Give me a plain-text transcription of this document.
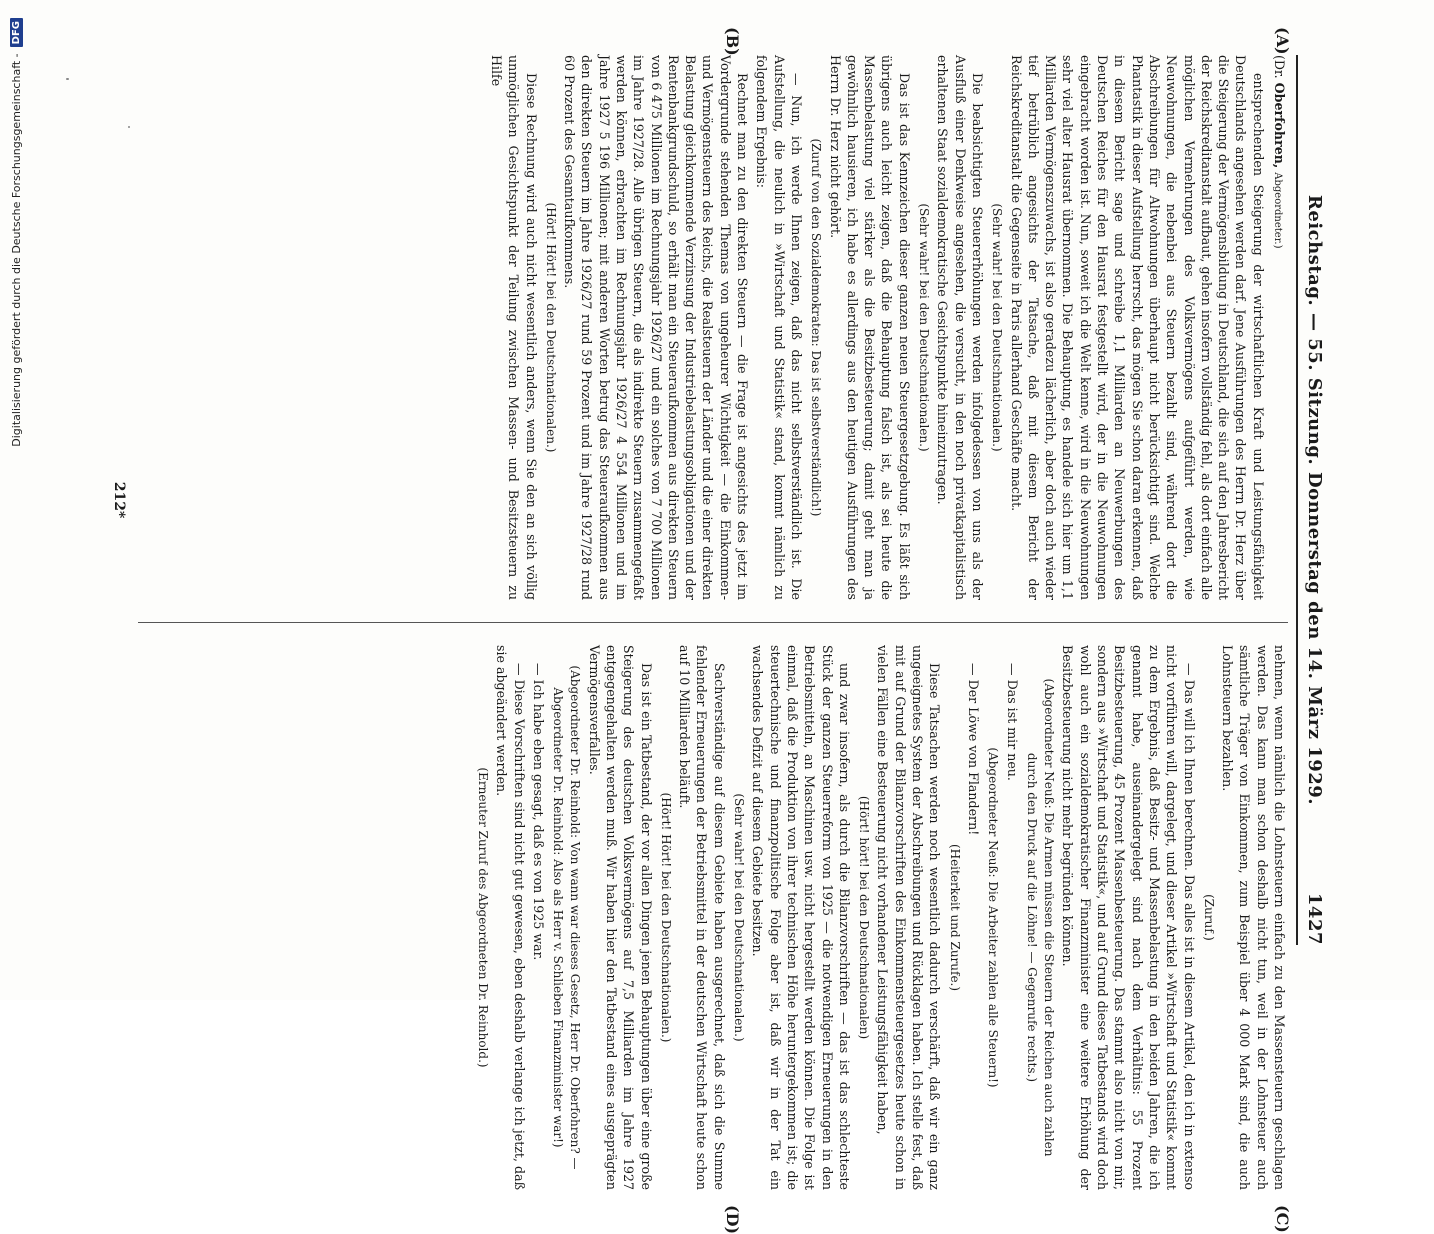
Reichstag. — 55. Sitzung. Donnerstag den 14. März 1929.
1427
(A)
(B)
(C)
(D)

(Dr. Oberfohren, Abgeordneter.)

entsprechenden Steigerung der wirtschaftlichen Kraft und Leistungsfähigkeit Deutschlands angesehen werden darf. Jene Ausführungen des Herrn Dr. Herz über die Steigerung der Vermögensbildung in Deutschland, die sich auf den Jahresbericht der Reichskreditanstalt aufbaut, gehen insofern vollständig fehl, als dort einfach alle möglichen Vermehrungen des Volksvermögens aufgeführt werden, wie Neuwohnungen, die nebenbei aus Steuern bezahlt sind, während dort die Abschreibungen für Altwohnungen überhaupt nicht berücksichtigt sind. Welche Phantastik in dieser Aufstellung herrscht, das mögen Sie schon daran erkennen, daß in diesem Bericht sage und schreibe 1,1 Milliarden an Neuwerbungen des Deutschen Reiches für den Hausrat festgestellt wird, der in die Neuwohnungen eingebracht worden ist. Nun, soweit ich die Welt kenne, wird in die Neuwohnungen sehr viel alter Hausrat übernommen. Die Behauptung, es handele sich hier um 1,1 Milliarden Vermögenszuwachs, ist also geradezu lächerlich, aber doch auch wieder tief betrüblich angesichts der Tatsache, daß mit diesem Bericht der Reichskreditanstalt die Gegenseite in Paris allerhand Geschäfte macht.

(Sehr wahr! bei den Deutschnationalen.)

Die beabsichtigten Steuererhöhungen werden infolgedessen von uns als der Ausfluß einer Denkweise angesehen, die versucht, in den noch privatkapitalistisch erhaltenen Staat sozialdemokratische Gesichtspunkte hineinzutragen.

(Sehr wahr! bei den Deutschnationalen.)

Das ist das Kennzeichen dieser ganzen neuen Steuergesetzgebung. Es läßt sich übrigens auch leicht zeigen, daß die Behauptung falsch ist, als sei heute die Massenbelastung viel stärker als die Besitzbesteuerung; damit geht man ja gewöhnlich hausieren, ich habe es allerdings aus den heutigen Ausführungen des Herrn Dr. Herz nicht gehört.

(Zuruf von den Sozialdemokraten: Das ist selbstverständlich!)

— Nun, ich werde Ihnen zeigen, daß das nicht selbstverständlich ist. Die Aufstellung, die neulich in »Wirtschaft und Statistik« stand, kommt nämlich zu folgendem Ergebnis:

Rechnet man zu den direkten Steuern — die Frage ist angesichts des jetzt im Vordergrunde stehenden Themas von ungeheurer Wichtigkeit — die Einkommen- und Vermögensteuern des Reichs, die Realsteuern der Länder und die einer direkten Belastung gleichkommende Verzinsung der Industriebelastungsobligationen und der Rentenbankgrundschuld, so erhält man ein Steueraufkommen aus direkten Steuern von 6 475 Millionen im Rechnungsjahr 1926/27 und ein solches von 7 700 Millionen im Jahre 1927/28. Alle übrigen Steuern, die als indirekte Steuern zusammengefaßt werden können, erbrachten im Rechnungsjahr 1926/27 4 554 Millionen und im Jahre 1927 5 196 Millionen; mit anderen Worten betrug das Steueraufkommen aus den direkten Steuern im Jahre 1926/27 rund 59 Prozent und im Jahre 1927/28 rund 60 Prozent des Gesamtaufkommens.

(Hört! Hört! bei den Deutschnationalen.)

Diese Rechnung wird auch nicht wesentlich anders, wenn Sie den an sich völlig unmöglichen Gesichtspunkt der Teilung zwischen Massen- und Besitzsteuern zu Hilfe

nehmen, wenn nämlich die Lohnsteuern einfach zu den Massensteuern geschlagen werden. Das kann man schon deshalb nicht tun, weil in der Lohnsteuer auch sämtliche Träger von Einkommen, zum Beispiel über 4 000 Mark sind, die auch Lohnsteuern bezahlen.

(Zuruf.)

— Das will ich Ihnen berechnen. Das alles ist in diesem Artikel, den ich in extenso nicht vorführen will, dargelegt, und dieser Artikel »Wirtschaft und Statistik« kommt zu dem Ergebnis, daß Besitz- und Massenbelastung in den beiden Jahren, die ich genannt habe, auseinandergelegt sind nach dem Verhältnis: 55 Prozent Besitzbesteuerung, 45 Prozent Massenbesteuerung. Das stammt also nicht von mir, sondern aus »Wirtschaft und Statistik«, und auf Grund dieses Tatbestands wird doch wohl auch ein sozialdemokratischer Finanzminister eine weitere Erhöhung der Besitzbesteuerung nicht mehr begründen können.

(Abgeordneter Neuß: Die Armen müssen die Steuern der Reichen auch zahlen durch den Druck auf die Löhne! — Gegenrufe rechts.)

— Das ist mir neu.

(Abgeordneter Neuß: Die Arbeiter zahlen alle Steuern!)

— Der Löwe von Flandern!

(Heiterkeit und Zurufe.)

Diese Tatsachen werden noch wesentlich dadurch verschärft, daß wir ein ganz ungeeignetes System der Abschreibungen und Rücklagen haben. Ich stelle fest, daß mit auf Grund der Bilanzvorschriften des Einkommensteuergesetzes heute schon in vielen Fällen eine Besteuerung nicht vorhandener Leistungsfähigkeit haben,

(Hört! hört! bei den Deutschnationalen)

und zwar insofern, als durch die Bilanzvorschriften — das ist das schlechteste Stück der ganzen Steuerreform von 1925 — die notwendigen Erneuerungen in den Betriebsmitteln, an Maschinen usw. nicht hergestellt werden können. Die Folge ist einmal, daß die Produktion von ihrer technischen Höhe heruntergekommen ist; die steuertechnische und finanzpolitische Folge aber ist, daß wir in der Tat ein wachsendes Defizit auf diesem Gebiete besitzen.

(Sehr wahr! bei den Deutschnationalen.)

Sachverständige auf diesem Gebiete haben ausgerechnet, daß sich die Summe fehlender Erneuerungen der Betriebsmittel in der deutschen Wirtschaft heute schon auf 10 Milliarden beläuft.

(Hört! Hört! bei den Deutschnationalen.)

Das ist ein Tatbestand, der vor allen Dingen jenen Behauptungen über eine große Steigerung des deutschen Volksvermögens auf 7,5 Milliarden im Jahre 1927 entgegengehalten werden muß. Wir haben hier den Tatbestand eines ausgeprägten Vermögensverfalles.

(Abgeordneter Dr. Reinhold: Von wann war dieses Gesetz, Herr Dr. Oberfohren? — Abgeordneter Dr. Reinhold: Also als Herr v. Schlieben Finanzminister war!)

— Ich habe eben gesagt, daß es von 1925 war.

— Diese Vorschriften sind nicht gut gewesen, eben deshalb verlange ich jetzt, daß sie abgeändert werden.

(Erneuter Zuruf des Abgeordneten Dr. Reinhold.)

212*
Digitalisierung gefördert durch die Deutsche Forschungsgemeinschaft -
DFG
